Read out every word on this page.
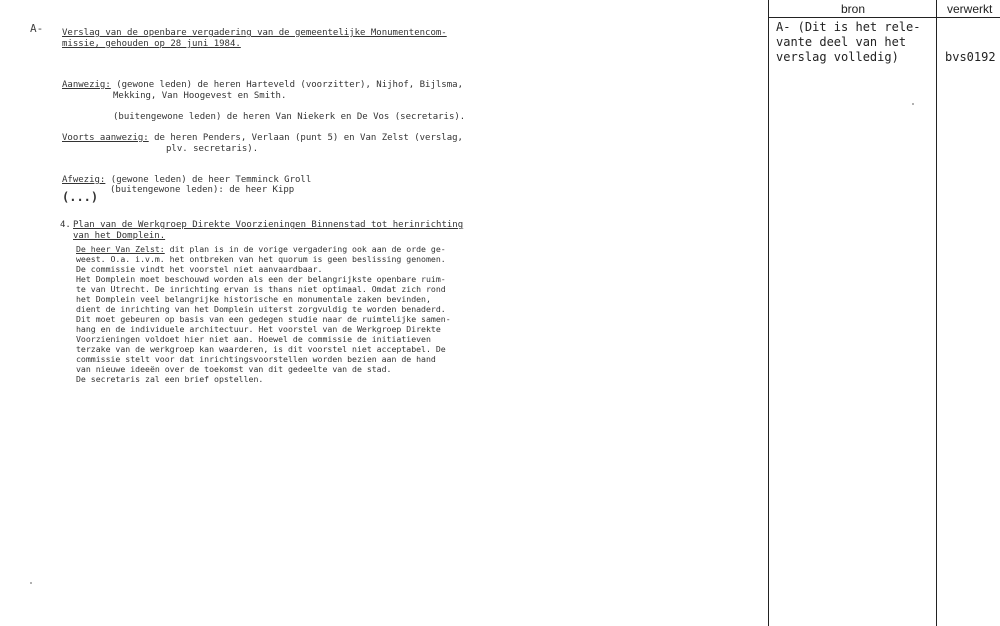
A- Verslag van de openbare vergadering van de gemeentelijke Monumentencom-
missie, gehouden op 28 juni 1984.
Aanwezig: (gewone leden) de heren Harteveld (voorzitter), Nijhof, Bijlsma,
Mekking, Van Hoogevest en Smith.
(buitengewone leden) de heren Van Niekerk en De Vos (secretaris).
Voorts aanwezig: de heren Penders, Verlaan (punt 5) en Van Zelst (verslag,
plv. secretaris).
Afwezig: (gewone leden) de heer Temminck Groll
(buitengewone leden): de heer Kipp
(...)
4. Plan van de Werkgroep Direkte Voorzieningen Binnenstad tot herinrichting
van het Domplein.
De heer Van Zelst: dit plan is in de vorige vergadering ook aan de orde ge-
weest. O.a. i.v.m. het ontbreken van het quorum is geen beslissing genomen.
De commissie vindt het voorstel niet aanvaardbaar.
Het Domplein moet beschouwd worden als een der belangrijkste openbare ruim-
te van Utrecht. De inrichting ervan is thans niet optimaal. Omdat zich rond
het Domplein veel belangrijke historische en monumentale zaken bevinden,
dient de inrichting van het Domplein uiterst zorgvuldig te worden benaderd.
Dit moet gebeuren op basis van een gedegen studie naar de ruimtelijke samen-
hang en de individuele architectuur. Het voorstel van de Werkgroep Direkte
Voorzieningen voldoet hier niet aan. Hoewel de commissie de initiatieven
terzake van de werkgroep kan waarderen, is dit voorstel niet acceptabel. De
commissie stelt voor dat inrichtingsvoorstellen worden bezien aan de hand
van nieuwe ideeën over de toekomst van dit gedeelte van de stad.
De secretaris zal een brief opstellen.
bron	verwerkt
A- (Dit is het rele-
vante deel van het
verslag volledig)	bvs0192
